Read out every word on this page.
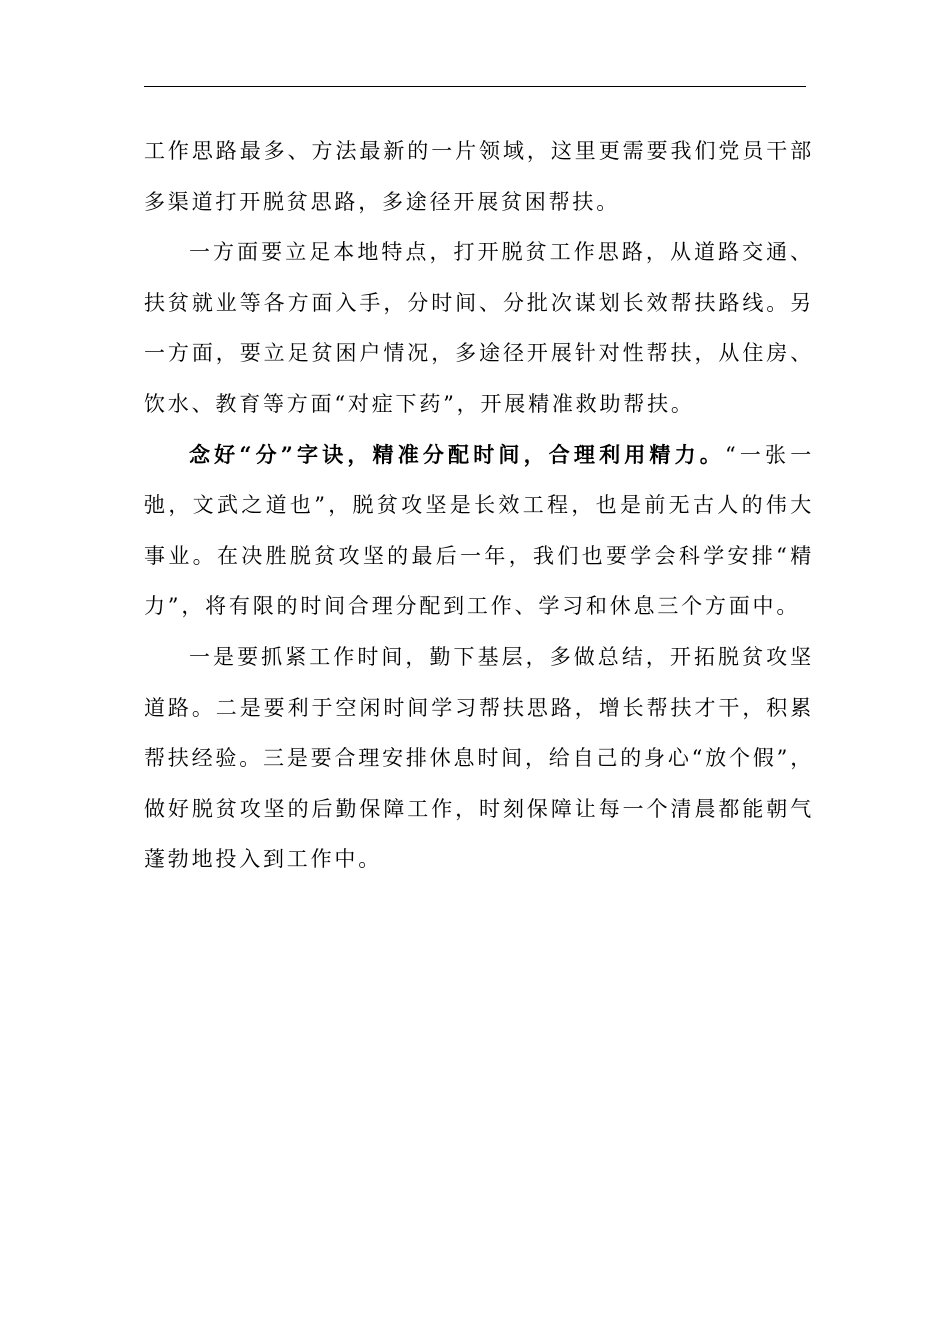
工作思路最多、方法最新的一片领域，这里更需要我们党员干部多渠道打开脱贫思路，多途径开展贫困帮扶。

一方面要立足本地特点，打开脱贫工作思路，从道路交通、扶贫就业等各方面入手，分时间、分批次谋划长效帮扶路线。另一方面，要立足贫困户情况，多途径开展针对性帮扶，从住房、饮水、教育等方面“对症下药”，开展精准救助帮扶。

念好“分”字诀，精准分配时间，合理利用精力。“一张一弛，文武之道也”，脱贫攻坚是长效工程，也是前无古人的伟大事业。在决胜脱贫攻坚的最后一年，我们也要学会科学安排“精力”，将有限的时间合理分配到工作、学习和休息三个方面中。

一是要抓紧工作时间，勤下基层，多做总结，开拓脱贫攻坚道路。二是要利于空闲时间学习帮扶思路，增长帮扶才干，积累帮扶经验。三是要合理安排休息时间，给自己的身心“放个假”，做好脱贫攻坚的后勤保障工作，时刻保障让每一个清晨都能朝气蓬勃地投入到工作中。
